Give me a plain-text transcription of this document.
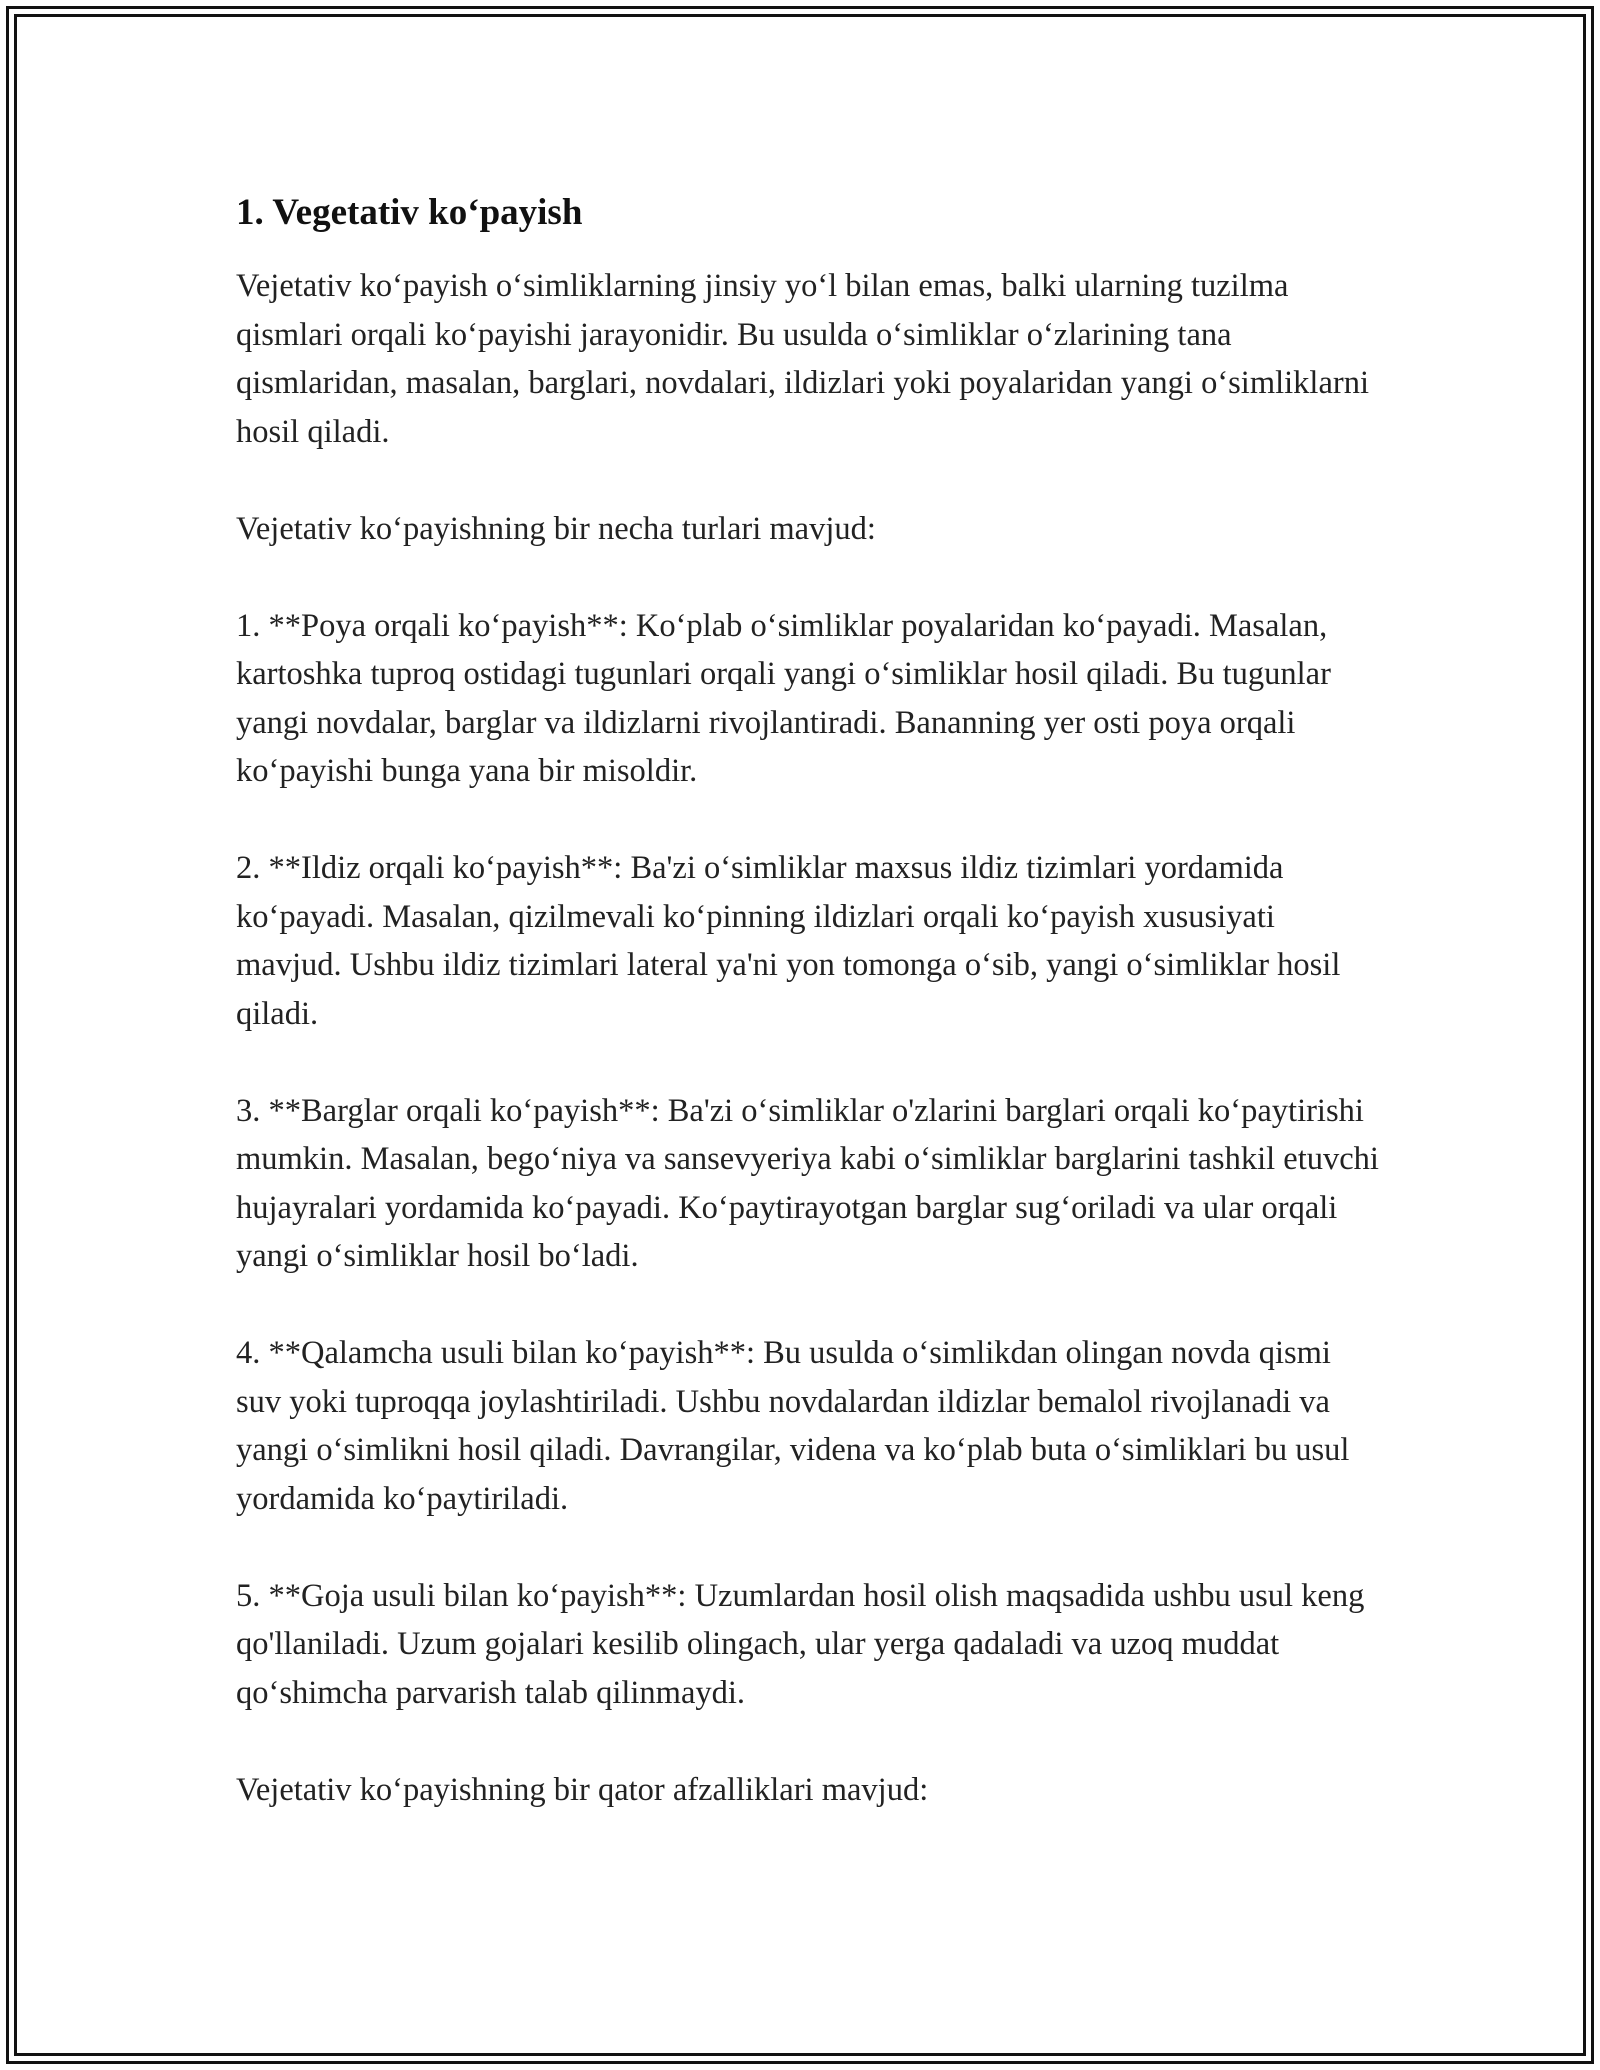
1. Vegetativ ko‘payish

Vejetativ ko‘payish o‘simliklarning jinsiy yo‘l bilan emas, balki ularning tuzilma qismlari orqali ko‘payishi jarayonidir. Bu usulda o‘simliklar o‘zlarining tana qismlaridan, masalan, barglari, novdalari, ildizlari yoki poyalaridan yangi o‘simliklarni hosil qiladi.

Vejetativ ko‘payishning bir necha turlari mavjud:

1. **Poya orqali ko‘payish**: Ko‘plab o‘simliklar poyalaridan ko‘payadi. Masalan, kartoshka tuproq ostidagi tugunlari orqali yangi o‘simliklar hosil qiladi. Bu tugunlar yangi novdalar, barglar va ildizlarni rivojlantiradi. Bananning yer osti poya orqali ko‘payishi bunga yana bir misoldir.

2. **Ildiz orqali ko‘payish**: Ba'zi o‘simliklar maxsus ildiz tizimlari yordamida ko‘payadi. Masalan, qizilmevali ko‘pinning ildizlari orqali ko‘payish xususiyati mavjud. Ushbu ildiz tizimlari lateral ya'ni yon tomonga o‘sib, yangi o‘simliklar hosil qiladi.

3. **Barglar orqali ko‘payish**: Ba'zi o‘simliklar o'zlarini barglari orqali ko‘paytirishi mumkin. Masalan, bego‘niya va sansevyeriya kabi o‘simliklar barglarini tashkil etuvchi hujayralari yordamida ko‘payadi. Ko‘paytirayotgan barglar sug‘oriladi va ular orqali yangi o‘simliklar hosil bo‘ladi.

4. **Qalamcha usuli bilan ko‘payish**: Bu usulda o‘simlikdan olingan novda qismi suv yoki tuproqqa joylashtiriladi. Ushbu novdalardan ildizlar bemalol rivojlanadi va yangi o‘simlikni hosil qiladi. Davrangilar, videna va ko‘plab buta o‘simliklari bu usul yordamida ko‘paytiriladi.

5. **Goja usuli bilan ko‘payish**: Uzumlardan hosil olish maqsadida ushbu usul keng qo'llaniladi. Uzum gojalari kesilib olingach, ular yerga qadaladi va uzoq muddat qo‘shimcha parvarish talab qilinmaydi.

Vejetativ ko‘payishning bir qator afzalliklari mavjud:
